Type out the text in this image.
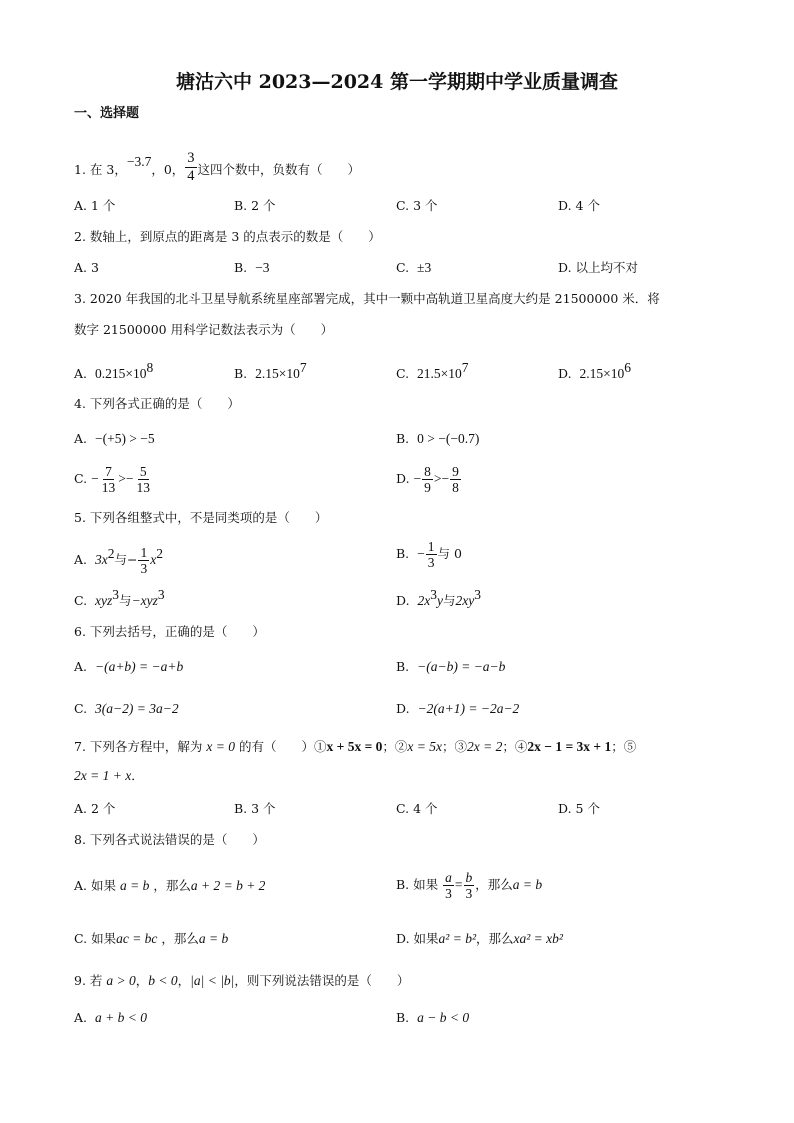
塘沽六中 2023—2024 第一学期期中学业质量调查
一、选择题
1. 在 3，−3.7，0， $\frac{3}{4}$ 这四个数中，负数有（　　）
A. 1 个	B. 2 个	C. 3 个	D. 4 个
2. 数轴上，到原点的距离是 3 的点表示的数是（　　）
A. 3	B. −3	C. ±3	D. 以上均不对
3. 2020 年我国的北斗卫星导航系统星座部署完成，其中一颗中高轨道卫星高度大约是 21500000 米．将
数字 21500000 用科学记数法表示为（　　）
A. $0.215\times 10^8$	B. $2.15\times 10^7$	C. $21.5\times 10^7$	D. $2.15\times 10^6$
4. 下列各式正确的是（　　）
A. −(+5) > −5	B. 0 > −(−0.7)
C. − $\frac{7}{13} >- \frac{5}{13}$	D. − $\frac{8}{9} >- \frac{9}{8}$
5. 下列各组整式中，不是同类项的是（　　）
A. $3x^2$与− $\frac{1}{3} x^2$	B. − $\frac{1}{3}$ 与 0
C. xyz$^3$与−xyz$^3$	D. $2x^3y$与$2xy^3$
6. 下列去括号，正确的是（　　）
A. −(a+b) = −a+b	B. −(a−b) = −a−b
C. 3(a−2) = 3a−2	D. −2(a+1) = −2a−2
7. 下列各方程中，解为 x = 0 的有（　　）①x + 5x = 0；②x = 5x；③2x = 2；④2x − 1 = 3x + 1；⑤
2x = 1 + x．
A. 2 个	B. 3 个	C. 4 个	D. 5 个
8. 下列各式说法错误的是（　　）
A. 如果 a = b ，那么a + 2 = b + 2	B. 如果 $\frac{a}{3} = \frac{b}{3}$ ，那么a = b
C. 如果ac = bc ，那么a = b	D. 如果a² = b²，那么xa² = xb²
9. 若 a > 0，b < 0，|a| < |b|，则下列说法错误的是（　　）
A. a + b < 0	B. a − b < 0
